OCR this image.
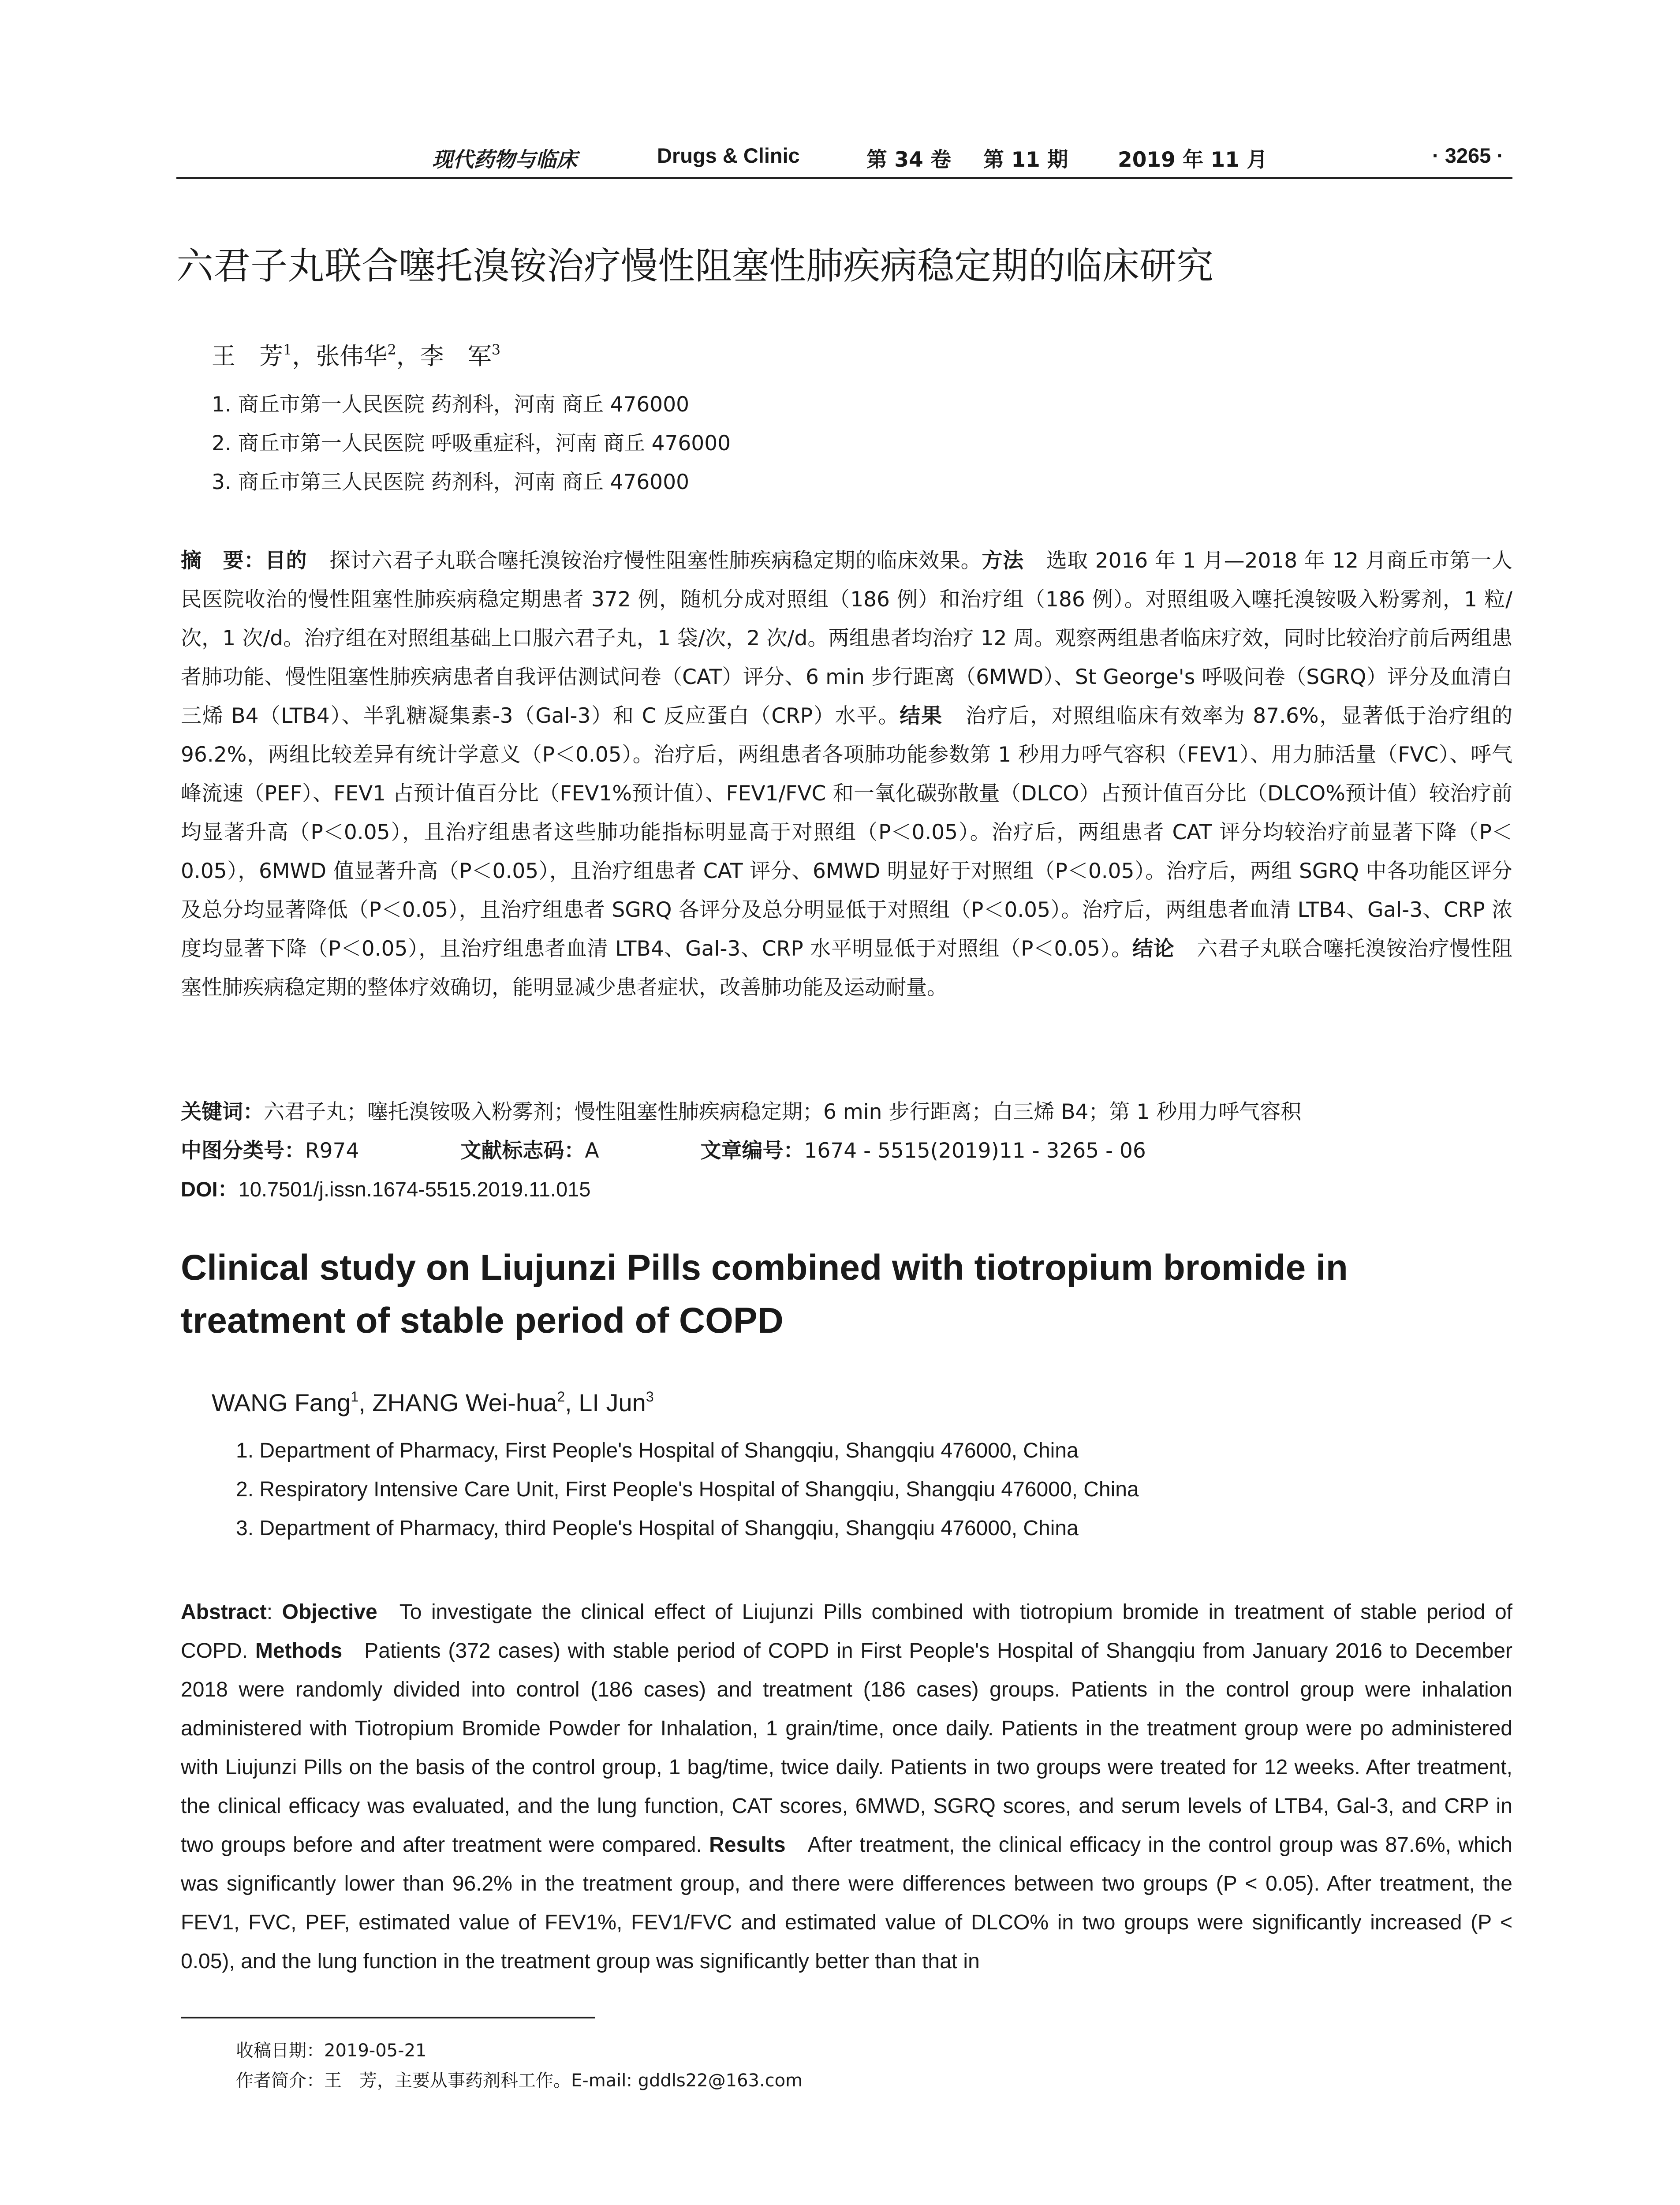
现代药物与临床	Drugs & Clinic	第 34 卷 第 11 期 2019 年 11 月	· 3265 ·
六君子丸联合噻托溴铵治疗慢性阻塞性肺疾病稳定期的临床研究
王　芳$^1$，张伟华$^2$，李　军$^3$
1. 商丘市第一人民医院 药剂科，河南 商丘 476000
2. 商丘市第一人民医院 呼吸重症科，河南 商丘 476000
3. 商丘市第三人民医院 药剂科，河南 商丘 476000
摘　要：目的 探讨六君子丸联合噻托溴铵治疗慢性阻塞性肺疾病稳定期的临床效果。方法 选取 2016 年 1 月—2018 年 12 月商丘市第一人民医院收治的慢性阻塞性肺疾病稳定期患者 372 例，随机分成对照组（186 例）和治疗组（186 例）。对照组吸入噻托溴铵吸入粉雾剂，1 粒/次，1 次/d。治疗组在对照组基础上口服六君子丸，1 袋/次，2 次/d。两组患者均治疗 12 周。观察两组患者临床疗效，同时比较治疗前后两组患者肺功能、慢性阻塞性肺疾病患者自我评估测试问卷（CAT）评分、6 min 步行距离（6MWD）、St George's 呼吸问卷（SGRQ）评分及血清白三烯 B4（LTB4）、半乳糖凝集素-3（Gal-3）和 C 反应蛋白（CRP）水平。结果 治疗后，对照组临床有效率为 87.6%，显著低于治疗组的 96.2%，两组比较差异有统计学意义（P＜0.05）。治疗后，两组患者各项肺功能参数第 1 秒用力呼气容积（FEV1）、用力肺活量（FVC）、呼气峰流速（PEF）、FEV1 占预计值百分比（FEV1%预计值）、FEV1/FVC 和一氧化碳弥散量（DLCO）占预计值百分比（DLCO%预计值）较治疗前均显著升高（P＜0.05），且治疗组患者这些肺功能指标明显高于对照组（P＜0.05）。治疗后，两组患者 CAT 评分均较治疗前显著下降（P＜0.05），6MWD 值显著升高（P＜0.05），且治疗组患者 CAT 评分、6MWD 明显好于对照组（P＜0.05）。治疗后，两组 SGRQ 中各功能区评分及总分均显著降低（P＜0.05），且治疗组患者 SGRQ 各评分及总分明显低于对照组（P＜0.05）。治疗后，两组患者血清 LTB4、Gal-3、CRP 浓度均显著下降（P＜0.05），且治疗组患者血清 LTB4、Gal-3、CRP 水平明显低于对照组（P＜0.05）。结论 六君子丸联合噻托溴铵治疗慢性阻塞性肺疾病稳定期的整体疗效确切，能明显减少患者症状，改善肺功能及运动耐量。
关键词：六君子丸；噻托溴铵吸入粉雾剂；慢性阻塞性肺疾病稳定期；6 min 步行距离；白三烯 B4；第 1 秒用力呼气容积
中图分类号：R974	文献标志码：A	文章编号：1674 - 5515(2019)11 - 3265 - 06
DOI：10.7501/j.issn.1674-5515.2019.11.015
Clinical study on Liujunzi Pills combined with tiotropium bromide in treatment of stable period of COPD
WANG Fang$^1$, ZHANG Wei-hua$^2$, LI Jun$^3$
1. Department of Pharmacy, First People's Hospital of Shangqiu, Shangqiu 476000, China
2. Respiratory Intensive Care Unit, First People's Hospital of Shangqiu, Shangqiu 476000, China
3. Department of Pharmacy, third People's Hospital of Shangqiu, Shangqiu 476000, China
Abstract: Objective To investigate the clinical effect of Liujunzi Pills combined with tiotropium bromide in treatment of stable period of COPD. Methods Patients (372 cases) with stable period of COPD in First People's Hospital of Shangqiu from January 2016 to December 2018 were randomly divided into control (186 cases) and treatment (186 cases) groups. Patients in the control group were inhalation administered with Tiotropium Bromide Powder for Inhalation, 1 grain/time, once daily. Patients in the treatment group were po administered with Liujunzi Pills on the basis of the control group, 1 bag/time, twice daily. Patients in two groups were treated for 12 weeks. After treatment, the clinical efficacy was evaluated, and the lung function, CAT scores, 6MWD, SGRQ scores, and serum levels of LTB4, Gal-3, and CRP in two groups before and after treatment were compared. Results After treatment, the clinical efficacy in the control group was 87.6%, which was significantly lower than 96.2% in the treatment group, and there were differences between two groups (P < 0.05). After treatment, the FEV1, FVC, PEF, estimated value of FEV1%, FEV1/FVC and estimated value of DLCO% in two groups were significantly increased (P < 0.05), and the lung function in the treatment group was significantly better than that in
收稿日期：2019-05-21
作者简介：王　芳，主要从事药剂科工作。E-mail: gddls22@163.com
